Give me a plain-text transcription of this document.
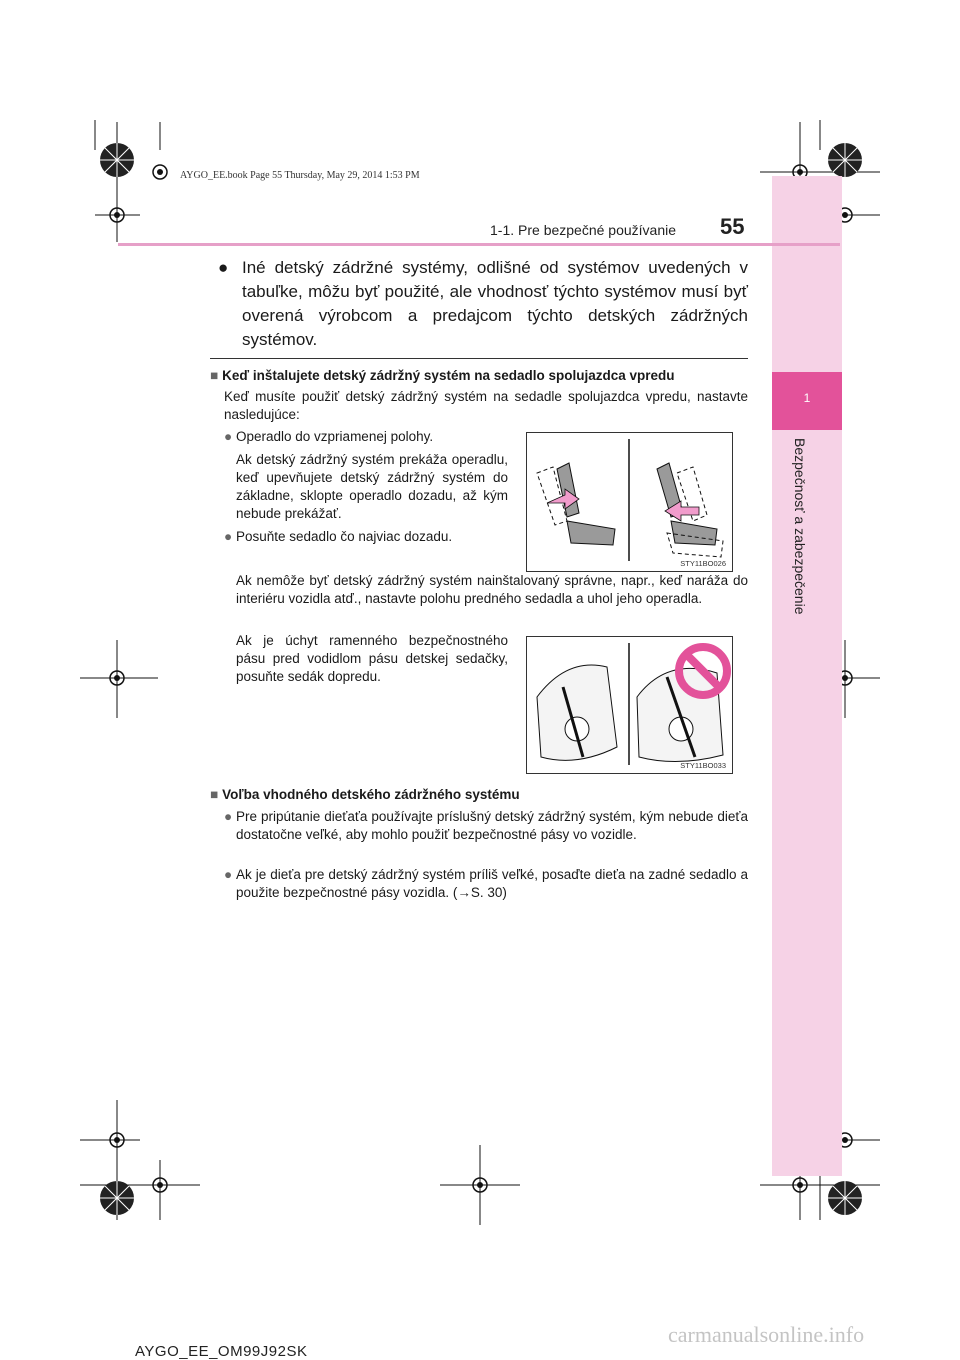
1
Bezpečnosť a zabezpečenie
AYGO_EE.book Page 55 Thursday, May 29, 2014 1:53 PM
1-1. Pre bezpečné používanie 55
● Iné detský zádržné systémy, odlišné od systémov uvedených v tabuľke, môžu byť použité, ale vhodnosť týchto systémov musí byť overená výrobcom a predajcom týchto detských zádržných systémov.
■ Keď inštalujete detský zádržný systém na sedadlo spolujazdca vpredu
Keď musíte použiť detský zádržný systém na sedadle spolujazdca vpredu, nastavte nasledujúce:
● Operadlo do vzpriamenej polohy.
Ak detský zádržný systém prekáža operadlu, keď upevňujete detský zádržný systém do základne, sklopte operadlo dozadu, až kým nebude prekážať.
● Posuňte sedadlo čo najviac dozadu.
STY11BO026
Ak nemôže byť detský zádržný systém nainštalovaný správne, napr., keď naráža do interiéru vozidla atď., nastavte polohu predného sedadla a uhol jeho operadla.
Ak je úchyt ramenného bezpečnostného pásu pred vodidlom pásu detskej sedačky, posuňte sedák dopredu.
STY11BO033
■ Voľba vhodného detského zádržného systému
● Pre pripútanie dieťaťa používajte príslušný detský zádržný systém, kým nebude dieťa dostatočne veľké, aby mohlo použiť bezpečnostné pásy vo vozidle.
● Ak je dieťa pre detský zádržný systém príliš veľké, posaďte dieťa na zadné sedadlo a použite bezpečnostné pásy vozidla. (→S. 30)
AYGO_EE_OM99J92SK
carmanualsonline.info
